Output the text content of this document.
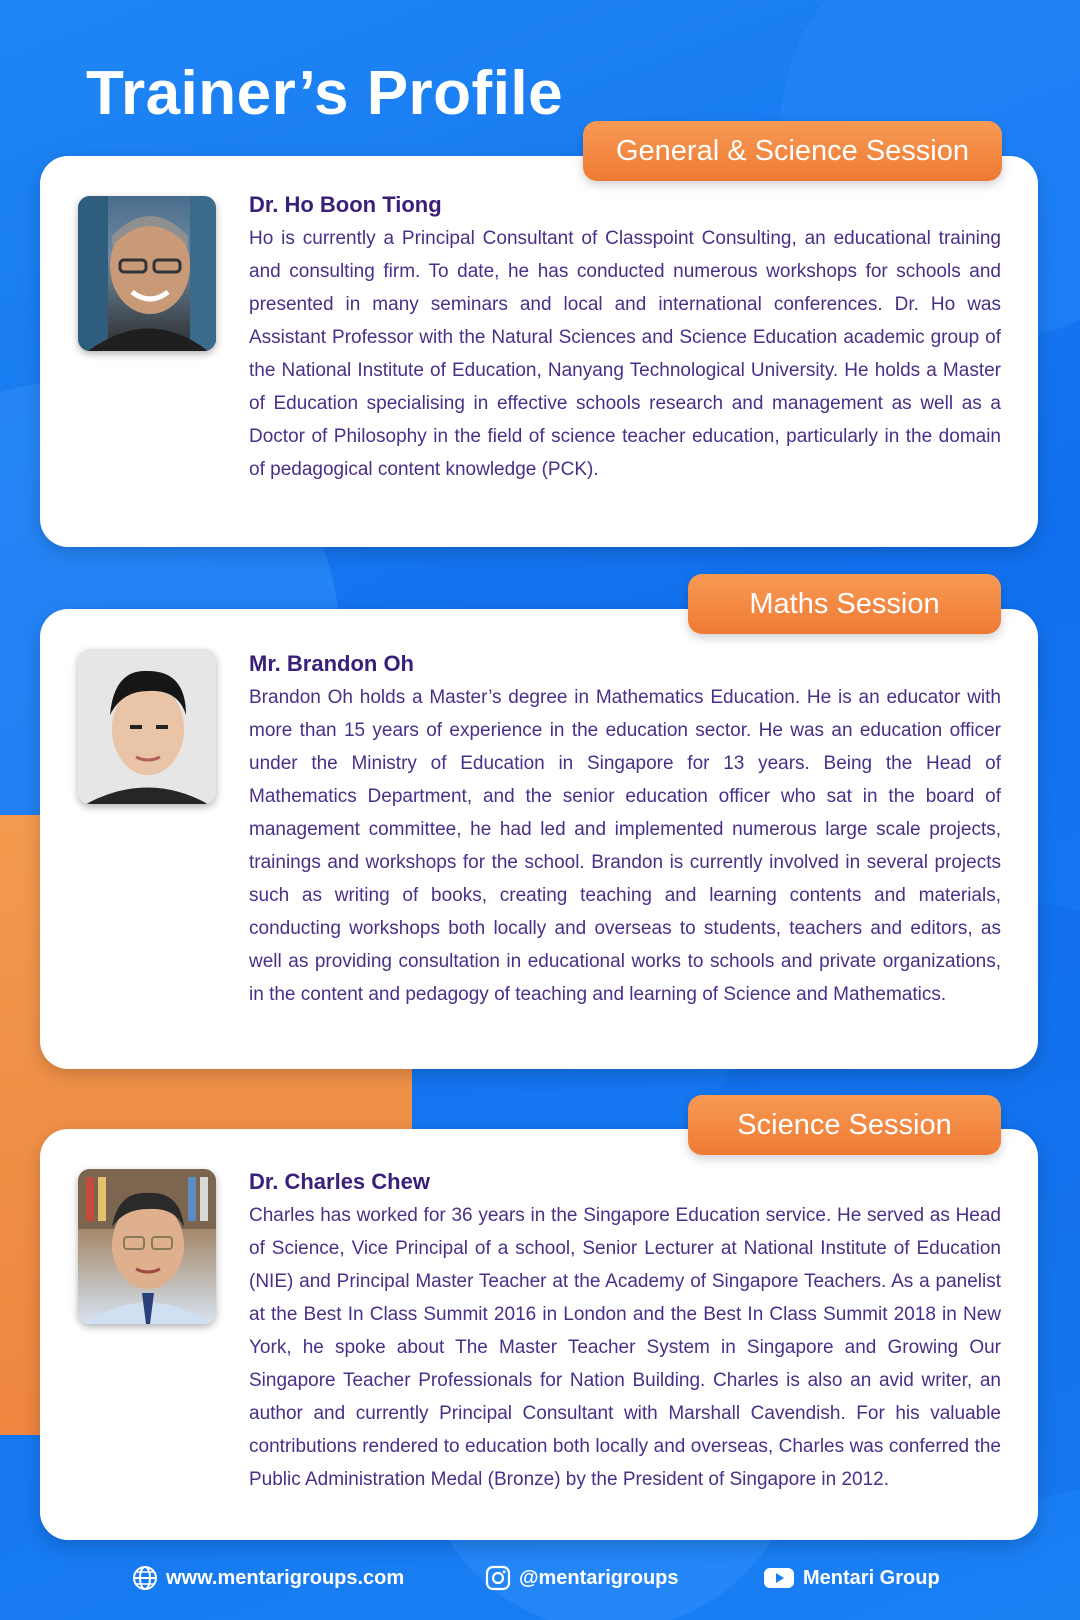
Trainer’s Profile

Dr. Ho Boon Tiong

Ho is currently a Principal Consultant of Classpoint Consulting, an educational training and consulting firm. To date, he has conducted numerous workshops for schools and presented in many seminars and local and international conferences. Dr. Ho was Assistant Professor with the Natural Sciences and Science Education academic group of the National Institute of Education, Nanyang Technological University. He holds a Master of Education specialising in effective schools research and management as well as a Doctor of Philosophy in the field of science teacher education, particularly in the domain of pedagogical content knowledge (PCK).

General & Science Session

Mr. Brandon Oh

Brandon Oh holds a Master’s degree in Mathematics Education. He is an educator with more than 15 years of experience in the education sector. He was an education officer under the Ministry of Education in Singapore for 13 years. Being the Head of Mathematics Department, and the senior education officer who sat in the board of management committee, he had led and implemented numerous large scale projects, trainings and workshops for the school. Brandon is currently involved in several projects such as writing of books, creating teaching and learning contents and materials, conducting workshops both locally and overseas to students, teachers and editors, as well as providing consultation in educational works to schools and private organizations, in the content and pedagogy of teaching and learning of Science and Mathematics.

Maths Session

Dr. Charles Chew

Charles has worked for 36 years in the Singapore Education service. He served as Head of Science, Vice Principal of a school, Senior Lecturer at National Institute of Education (NIE) and Principal Master Teacher at the Academy of Singapore Teachers. As a panelist at the Best In Class Summit 2016 in London and the Best In Class Summit 2018 in New York, he spoke about The Master Teacher System in Singapore and Growing Our Singapore Teacher Professionals for Nation Building. Charles is also an avid writer, an author and currently Principal Consultant with Marshall Cavendish. For his valuable contributions rendered to education both locally and overseas, Charles was conferred the Public Administration Medal (Bronze) by the President of Singapore in 2012.

Science Session
www.mentarigroups.com	@mentarigroups	Mentari Group
